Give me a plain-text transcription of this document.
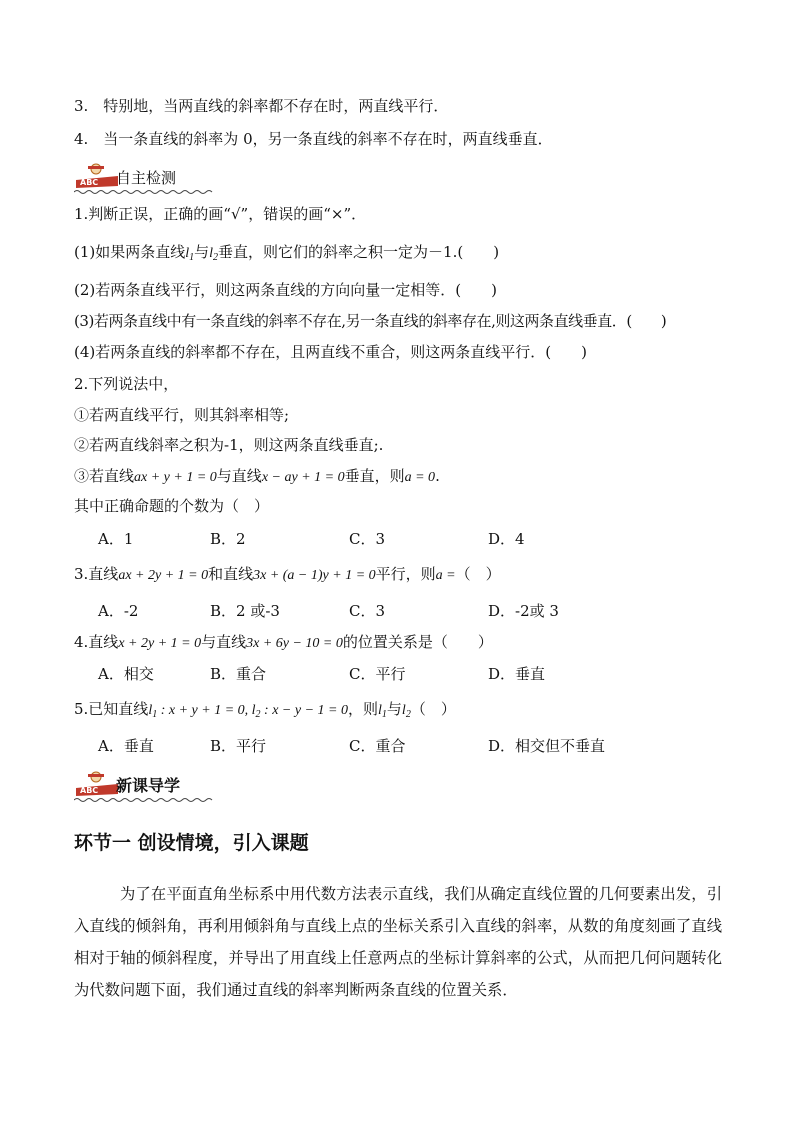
3.　特别地，当两直线的斜率都不存在时，两直线平行．
4.　当一条直线的斜率为 0，另一条直线的斜率不存在时，两直线垂直．
ABC 自主检测
1.判断正误，正确的画“√”，错误的画“×”．
(1)如果两条直线$l_1$与$l_2$垂直，则它们的斜率之积一定为－1.(　　)
(2)若两条直线平行，则这两条直线的方向向量一定相等．(　　)
(3)若两条直线中有一条直线的斜率不存在,另一条直线的斜率存在,则这两条直线垂直．(　　)
(4)若两条直线的斜率都不存在，且两直线不重合，则这两条直线平行．(　　)
2.下列说法中，
①若两直线平行，则其斜率相等;
②若两直线斜率之积为-1，则这两条直线垂直;.
③若直线ax + y + 1 = 0与直线x − ay + 1 = 0垂直，则a = 0.
其中正确命题的个数为（　）
A．1	B．2	C．3	D．4
3.直线ax + 2y + 1 = 0和直线3x + (a − 1)y + 1 = 0平行，则a =（　）
A．-2	B．2 或-3	C．3	D．-2或 3
4.直线x + 2y + 1 = 0与直线3x + 6y − 10 = 0的位置关系是（　　）
A．相交	B．重合	C．平行	D．垂直
5.已知直线$l_1$ : x + y + 1 = 0, $l_2$ : x − y − 1 = 0，则$l_1$与$l_2$（　）
A．垂直	B．平行	C．重合	D．相交但不垂直
ABC 新课导学
环节一 创设情境，引入课题
为了在平面直角坐标系中用代数方法表示直线，我们从确定直线位置的几何要素出发，引入直线的倾斜角，再利用倾斜角与直线上点的坐标关系引入直线的斜率，从数的角度刻画了直线相对于轴的倾斜程度，并导出了用直线上任意两点的坐标计算斜率的公式，从而把几何问题转化为代数问题下面，我们通过直线的斜率判断两条直线的位置关系．
